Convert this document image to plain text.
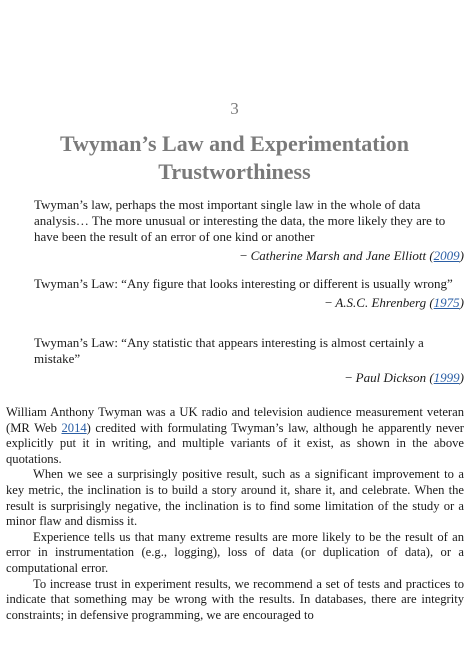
3
Twyman’s Law and Experimentation
Trustworthiness

Twyman’s law, perhaps the most important single law in the whole of data analysis… The more unusual or interesting the data, the more likely they are to have been the result of an error of one kind or another

− Catherine Marsh and Jane Elliott (2009)

Twyman’s Law: “Any figure that looks interesting or different is usually wrong”

− A.S.C. Ehrenberg (1975)

Twyman’s Law: “Any statistic that appears interesting is almost certainly a mistake”

− Paul Dickson (1999)

William Anthony Twyman was a UK radio and television audience measurement veteran (MR Web 2014) credited with formulating Twyman’s law, although he apparently never explicitly put it in writing, and multiple variants of it exist, as shown in the above quotations.

When we see a surprisingly positive result, such as a significant improvement to a key metric, the inclination is to build a story around it, share it, and celebrate. When the result is surprisingly negative, the inclination is to find some limitation of the study or a minor flaw and dismiss it.

Experience tells us that many extreme results are more likely to be the result of an error in instrumentation (e.g., logging), loss of data (or duplication of data), or a computational error.

To increase trust in experiment results, we recommend a set of tests and practices to indicate that something may be wrong with the results. In databases, there are integrity constraints; in defensive programming, we are encouraged to
